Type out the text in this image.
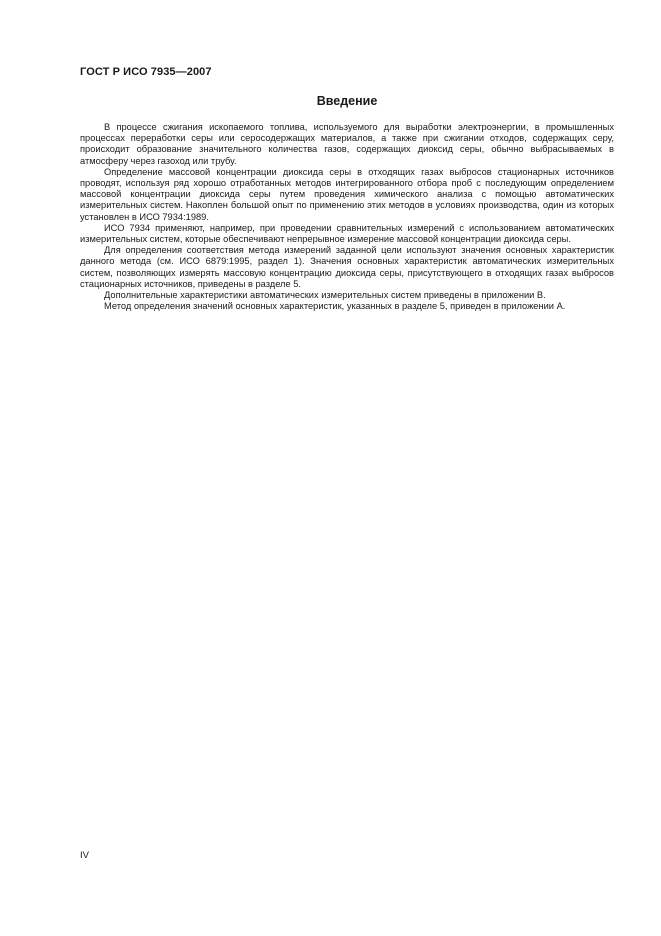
ГОСТ Р ИСО 7935—2007
Введение

В процессе сжигания ископаемого топлива, используемого для выработки электроэнергии, в промышленных процессах переработки серы или серосодержащих материалов, а также при сжигании отходов, содержащих серу, происходит образование значительного количества газов, содержащих диоксид серы, обычно выбрасываемых в атмосферу через газоход или трубу.

Определение массовой концентрации диоксида серы в отходящих газах выбросов стационарных источников проводят, используя ряд хорошо отработанных методов интегрированного отбора проб с последующим определением массовой концентрации диоксида серы путем проведения химического анализа с помощью автоматических измерительных систем. Накоплен большой опыт по применению этих методов в условиях производства, один из которых установлен в ИСО 7934:1989.

ИСО 7934 применяют, например, при проведении сравнительных измерений с использованием автоматических измерительных систем, которые обеспечивают непрерывное измерение массовой концентрации диоксида серы.

Для определения соответствия метода измерений заданной цели используют значения основных характеристик данного метода (см. ИСО 6879:1995, раздел 1). Значения основных характеристик автоматических измерительных систем, позволяющих измерять массовую концентрацию диоксида серы, присутствующего в отходящих газах выбросов стационарных источников, приведены в разделе 5.

Дополнительные характеристики автоматических измерительных систем приведены в приложении B.

Метод определения значений основных характеристик, указанных в разделе 5, приведен в приложении A.

IV
